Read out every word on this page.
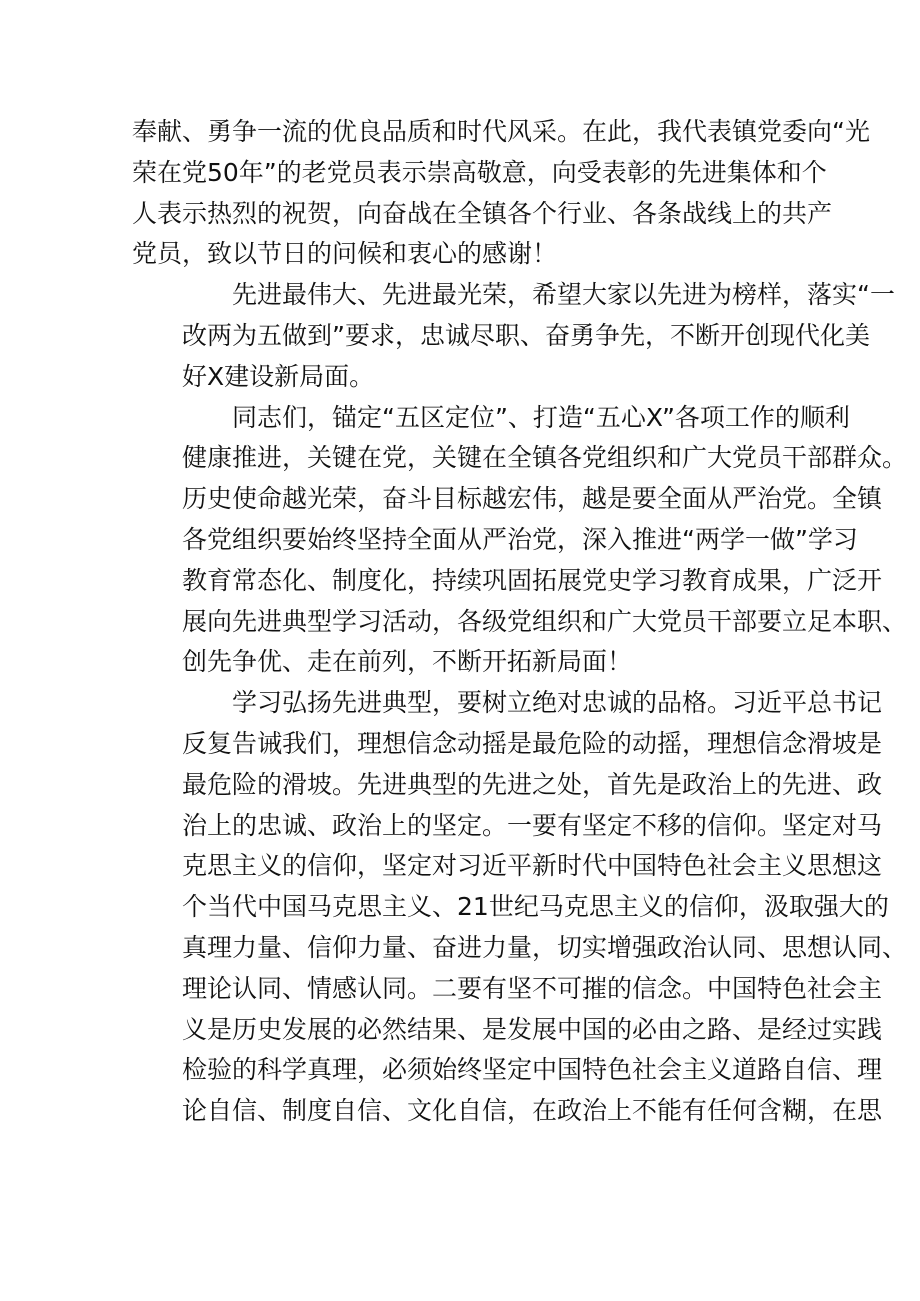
奉献、勇争一流的优良品质和时代风采。在此，我代表镇党委向“光
荣在党50年”的老党员表示崇高敬意，向受表彰的先进集体和个
人表示热烈的祝贺，向奋战在全镇各个行业、各条战线上的共产
党员，致以节日的问候和衷心的感谢！

先进最伟大、先进最光荣，希望大家以先进为榜样，落实“一
改两为五做到”要求，忠诚尽职、奋勇争先，不断开创现代化美
好X建设新局面。

同志们，锚定“五区定位”、打造“五心X”各项工作的顺利
健康推进，关键在党，关键在全镇各党组织和广大党员干部群众。
历史使命越光荣，奋斗目标越宏伟，越是要全面从严治党。全镇
各党组织要始终坚持全面从严治党，深入推进“两学一做”学习
教育常态化、制度化，持续巩固拓展党史学习教育成果，广泛开
展向先进典型学习活动，各级党组织和广大党员干部要立足本职、
创先争优、走在前列，不断开拓新局面！

学习弘扬先进典型，要树立绝对忠诚的品格。习近平总书记
反复告诫我们，理想信念动摇是最危险的动摇，理想信念滑坡是
最危险的滑坡。先进典型的先进之处，首先是政治上的先进、政
治上的忠诚、政治上的坚定。一要有坚定不移的信仰。坚定对马
克思主义的信仰，坚定对习近平新时代中国特色社会主义思想这
个当代中国马克思主义、21世纪马克思主义的信仰，汲取强大的
真理力量、信仰力量、奋进力量，切实增强政治认同、思想认同、
理论认同、情感认同。二要有坚不可摧的信念。中国特色社会主
义是历史发展的必然结果、是发展中国的必由之路、是经过实践
检验的科学真理，必须始终坚定中国特色社会主义道路自信、理
论自信、制度自信、文化自信，在政治上不能有任何含糊，在思
